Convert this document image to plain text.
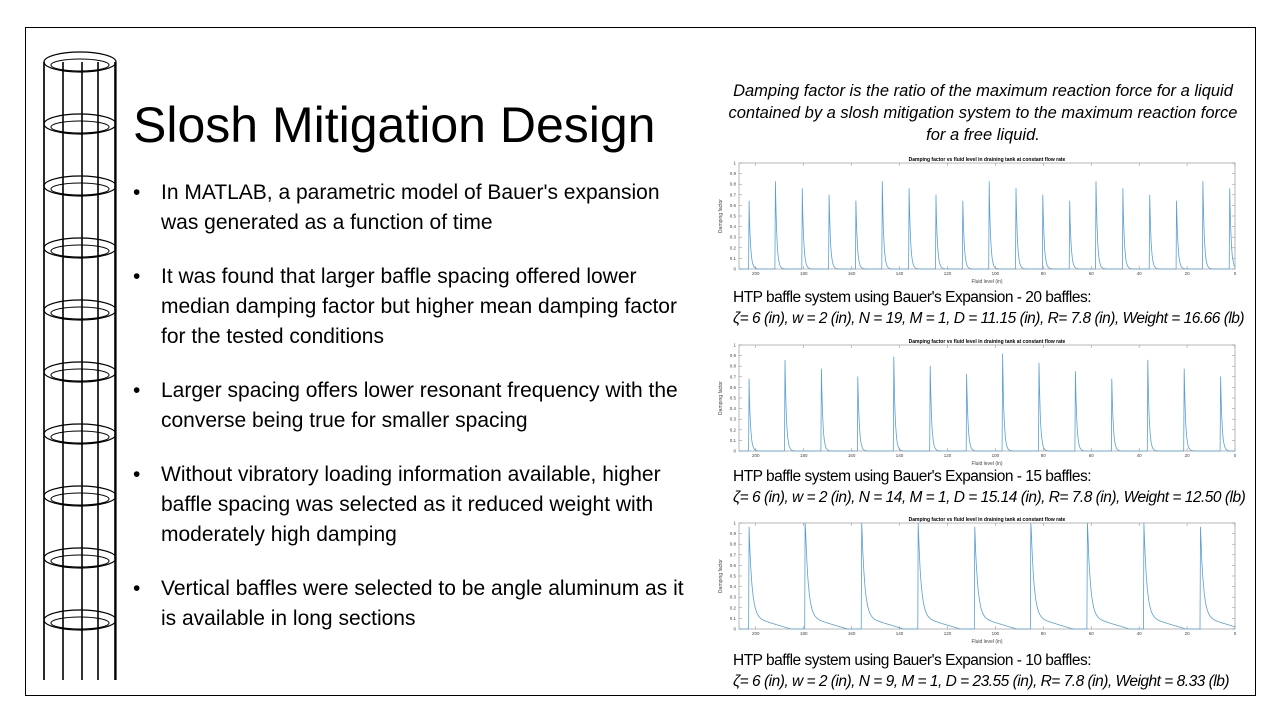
Slosh Mitigation Design
• In MATLAB, a parametric model of Bauer's expansion was generated as a function of time
• It was found that larger baffle spacing offered lower median damping factor but higher mean damping factor for the tested conditions
• Larger spacing offers lower resonant frequency with the converse being true for smaller spacing
• Without vibratory loading information available, higher baffle spacing was selected as it reduced weight with moderately high damping
• Vertical baffles were selected to be angle aluminum as it is available in long sections
Damping factor is the ratio of the maximum reaction force for a liquid contained by a slosh mitigation system to the maximum reaction force for a free liquid.
Damping factor vs fluid level in draining tank at constant flow rate
Fluid level (in)
Damping factor
200	180	160	140	120	100	80	60	40	20	0
0
0.1
0.2
0.3
0.4
0.5
0.6
0.7
0.8
0.9
1
HTP baffle system using Bauer's Expansion - 20 baffles:
ζ= 6 (in), w = 2 (in), N = 19, M = 1, D = 11.15 (in), R= 7.8 (in), Weight = 16.66 (lb)
Damping factor vs fluid level in draining tank at constant flow rate
Fluid level (in)
Damping factor
200	180	160	140	120	100	80	60	40	20	0
0
0.1
0.2
0.3
0.4
0.5
0.6
0.7
0.8
0.9
1
HTP baffle system using Bauer's Expansion - 15 baffles:
ζ= 6 (in), w = 2 (in), N = 14, M = 1, D = 15.14 (in), R= 7.8 (in), Weight = 12.50 (lb)
Damping factor vs fluid level in draining tank at constant flow rate
Fluid level (in)
Damping factor
200	180	160	140	120	100	80	60	40	20	0
0
0.1
0.2
0.3
0.4
0.5
0.6
0.7
0.8
0.9
1
HTP baffle system using Bauer's Expansion - 10 baffles:
ζ= 6 (in), w = 2 (in), N = 9, M = 1, D = 23.55 (in), R= 7.8 (in), Weight = 8.33 (lb)
